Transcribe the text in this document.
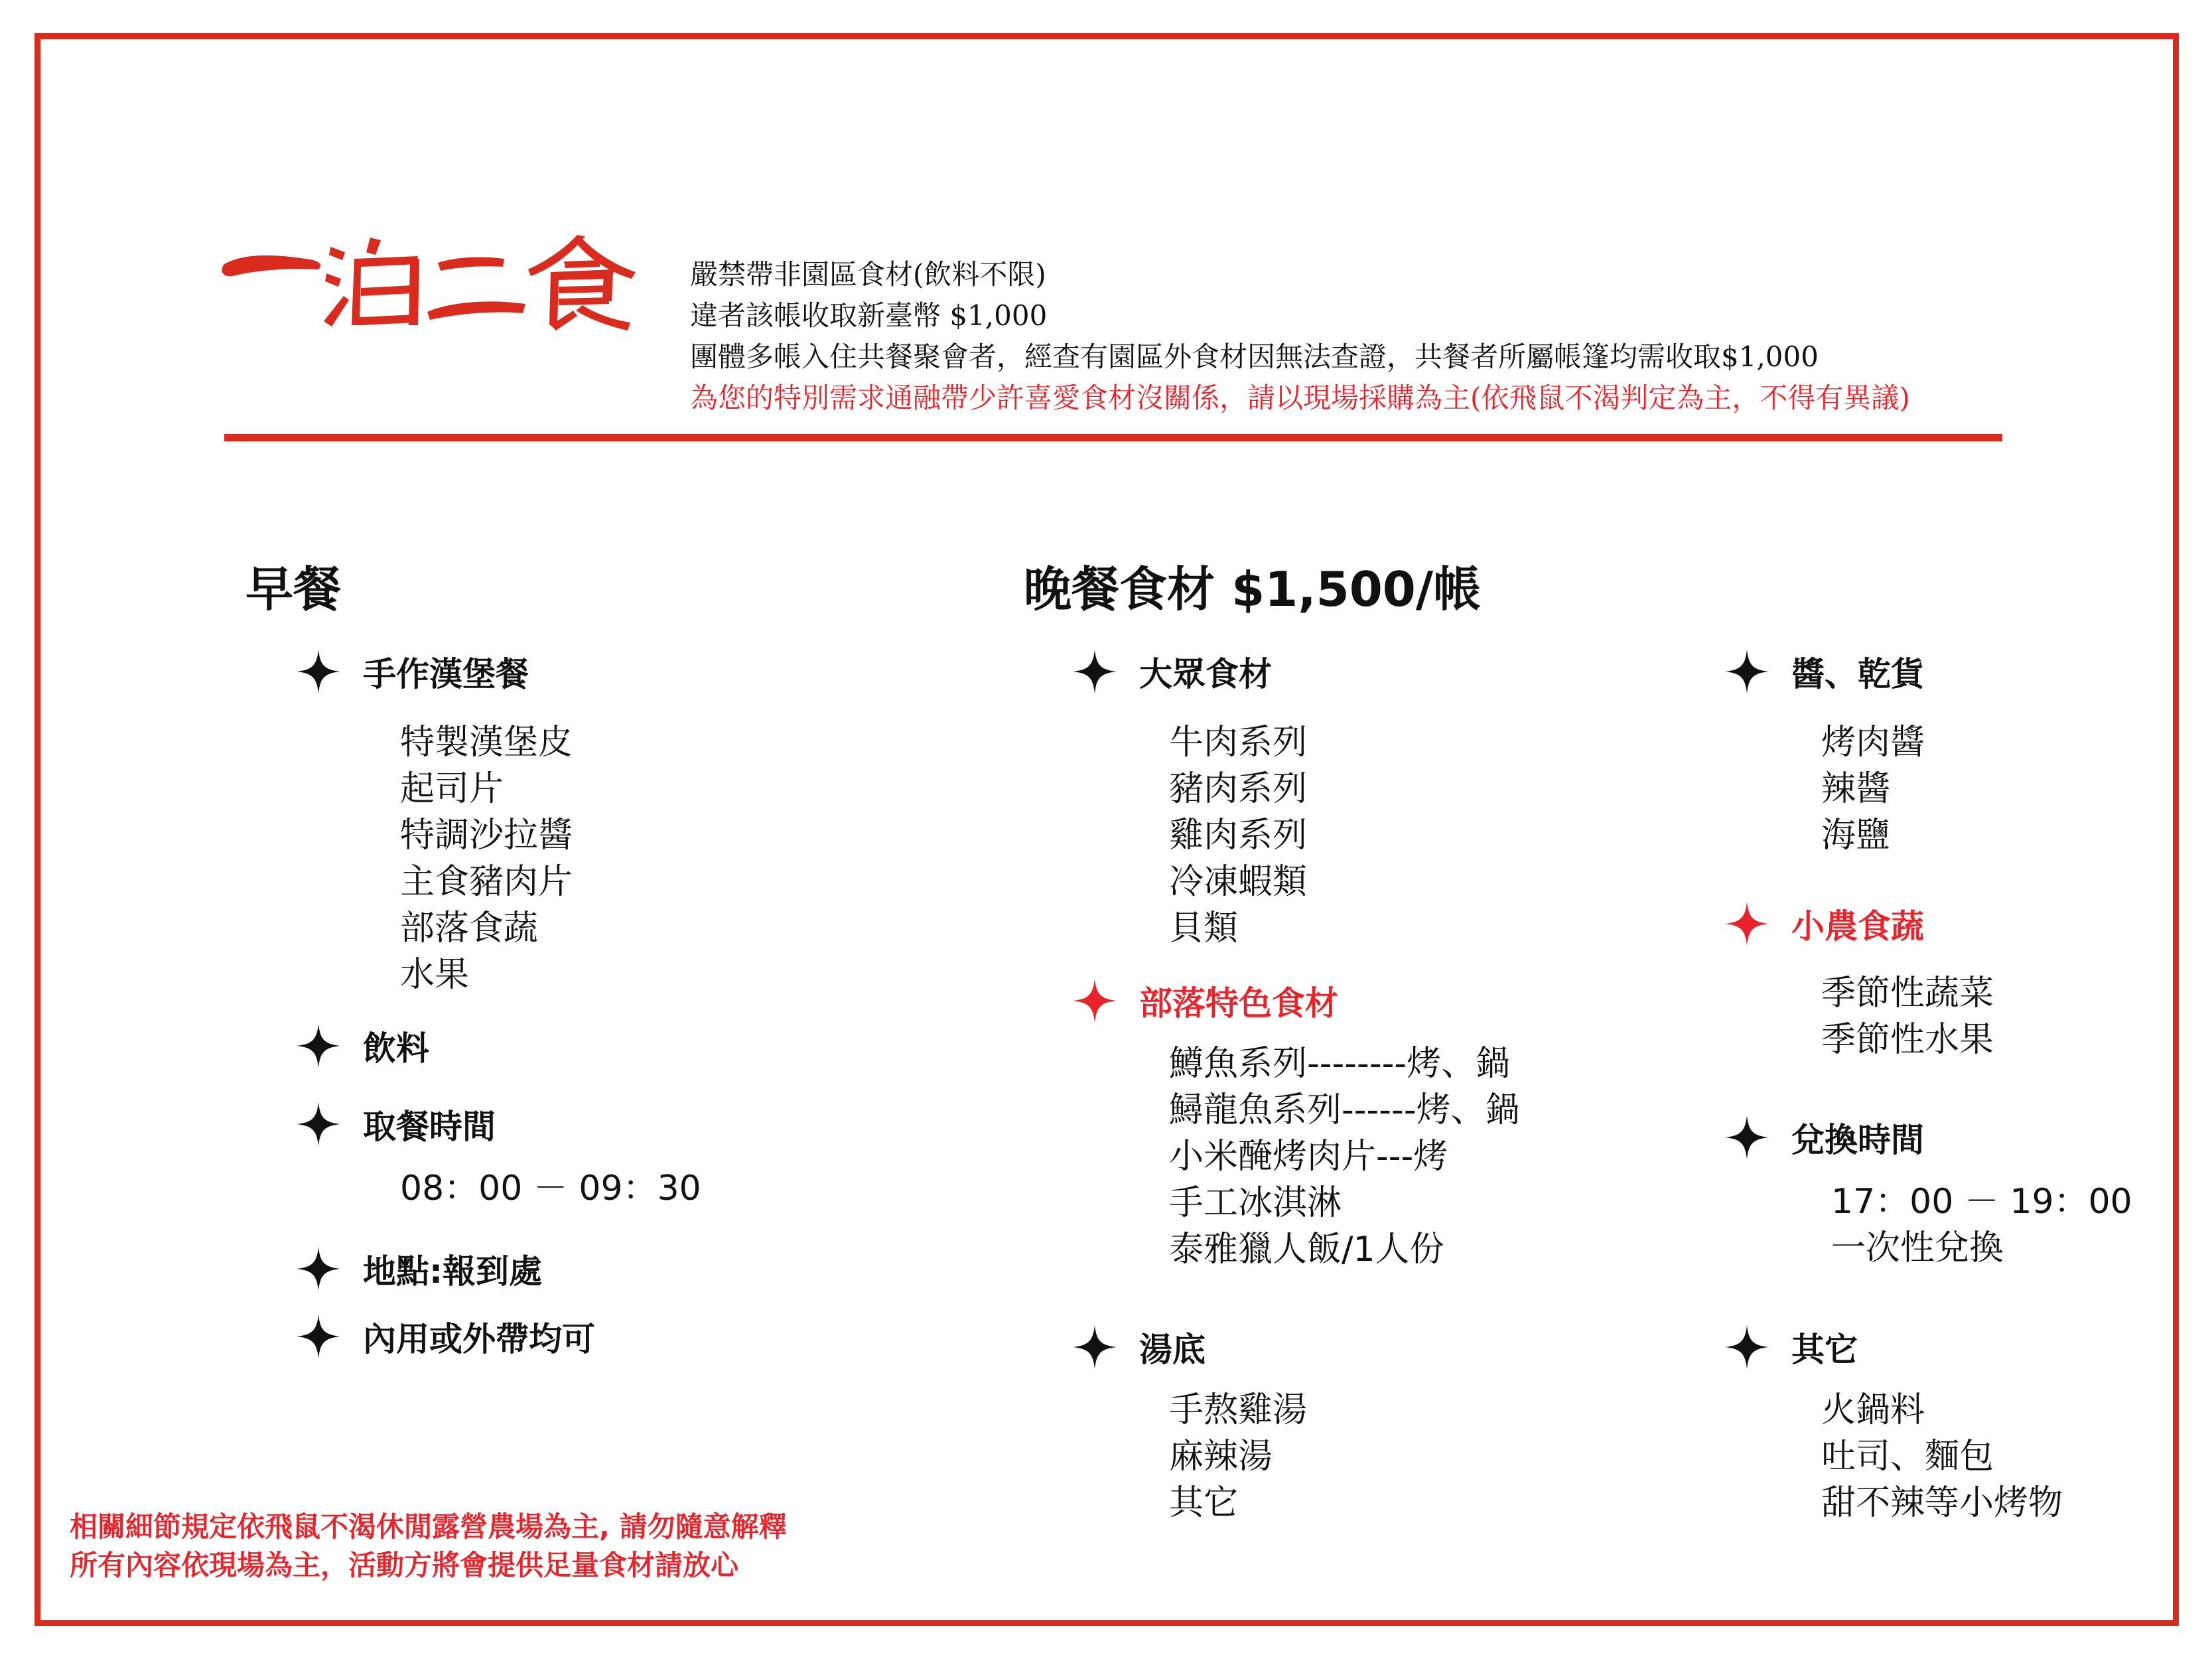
嚴禁帶非園區食材(飲料不限)
違者該帳收取新臺幣 $1,000
團體多帳入住共餐聚會者，經查有園區外食材因無法查證，共餐者所屬帳篷均需收取$1,000
為您的特別需求通融帶少許喜愛食材沒關係，請以現場採購為主(依飛鼠不渴判定為主，不得有異議)
早餐
手作漢堡餐
特製漢堡皮
起司片
特調沙拉醬
主食豬肉片
部落食蔬
水果
飲料
取餐時間
08：00 － 09：30
地點:報到處
內用或外帶均可
晚餐食材 $1,500/帳
大眾食材
牛肉系列
豬肉系列
雞肉系列
冷凍蝦類
貝類
部落特色食材
鱒魚系列--------烤、鍋
鱘龍魚系列------烤、鍋
小米醃烤肉片---烤
手工冰淇淋
泰雅獵人飯/1人份
湯底
手熬雞湯
麻辣湯
其它
醬、乾貨
烤肉醬
辣醬
海鹽
小農食蔬
季節性蔬菜
季節性水果
兌換時間
17：00 － 19：00
一次性兌換
其它
火鍋料
吐司、麵包
甜不辣等小烤物
相關細節規定依飛鼠不渴休閒露營農場為主, 請勿隨意解釋
所有內容依現場為主，活動方將會提供足量食材請放心
